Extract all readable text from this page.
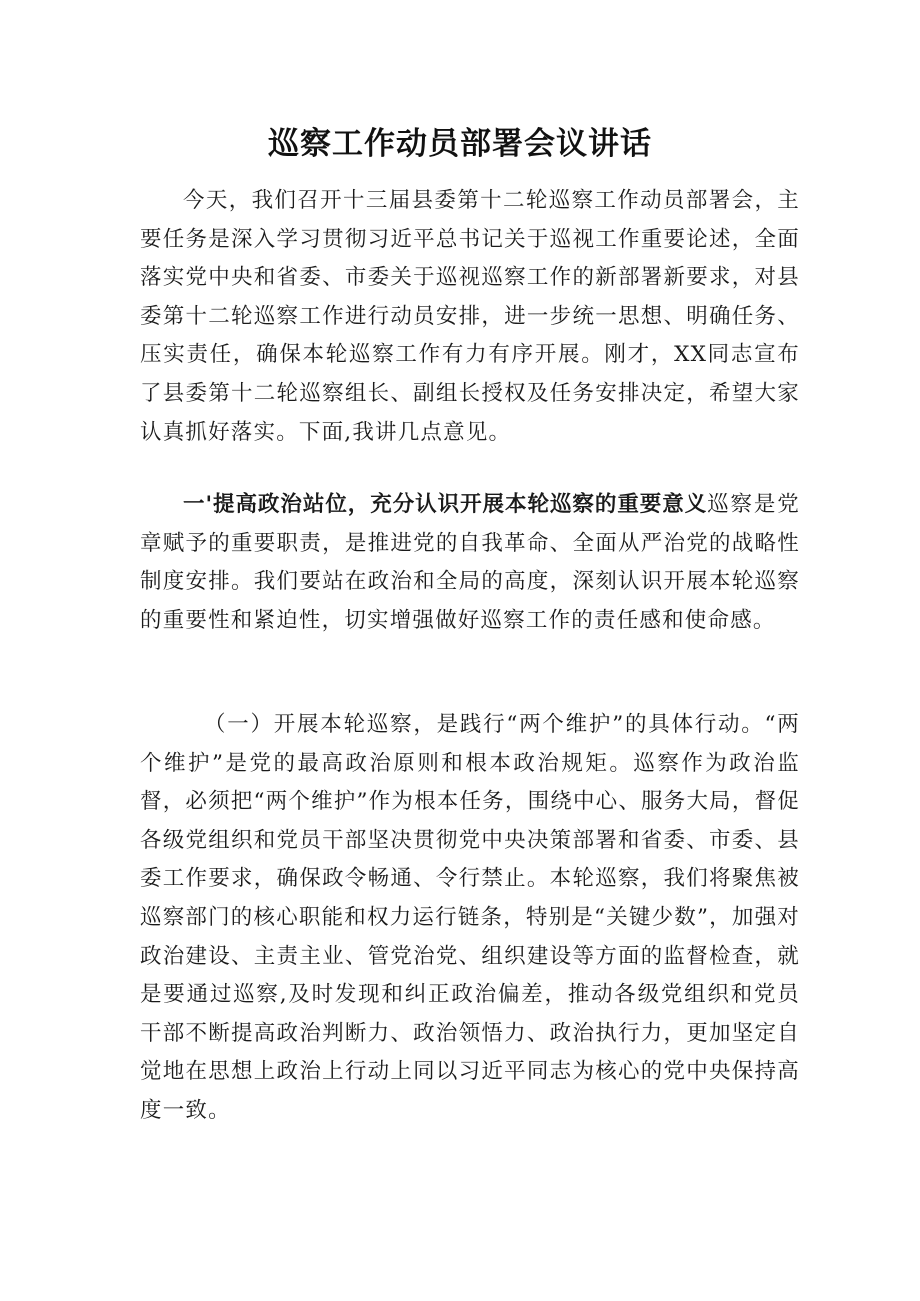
巡察工作动员部署会议讲话

今天，我们召开十三届县委第十二轮巡察工作动员部署会，主要任务是深入学习贯彻习近平总书记关于巡视工作重要论述，全面落实党中央和省委、市委关于巡视巡察工作的新部署新要求，对县委第十二轮巡察工作进行动员安排，进一步统一思想、明确任务、压实责任，确保本轮巡察工作有力有序开展。刚才，XX同志宣布了县委第十二轮巡察组长、副组长授权及任务安排决定，希望大家认真抓好落实。下面,我讲几点意见。

一'提高政治站位，充分认识开展本轮巡察的重要意义巡察是党章赋予的重要职责，是推进党的自我革命、全面从严治党的战略性制度安排。我们要站在政治和全局的高度，深刻认识开展本轮巡察的重要性和紧迫性，切实增强做好巡察工作的责任感和使命感。

（一）开展本轮巡察，是践行“两个维护”的具体行动。“两个维护”是党的最高政治原则和根本政治规矩。巡察作为政治监督，必须把“两个维护”作为根本任务，围绕中心、服务大局，督促各级党组织和党员干部坚决贯彻党中央决策部署和省委、市委、县委工作要求，确保政令畅通、令行禁止。本轮巡察，我们将聚焦被巡察部门的核心职能和权力运行链条，特别是“关键少数”，加强对政治建设、主责主业、管党治党、组织建设等方面的监督检查，就是要通过巡察,及时发现和纠正政治偏差，推动各级党组织和党员干部不断提高政治判断力、政治领悟力、政治执行力，更加坚定自觉地在思想上政治上行动上同以习近平同志为核心的党中央保持高度一致。
